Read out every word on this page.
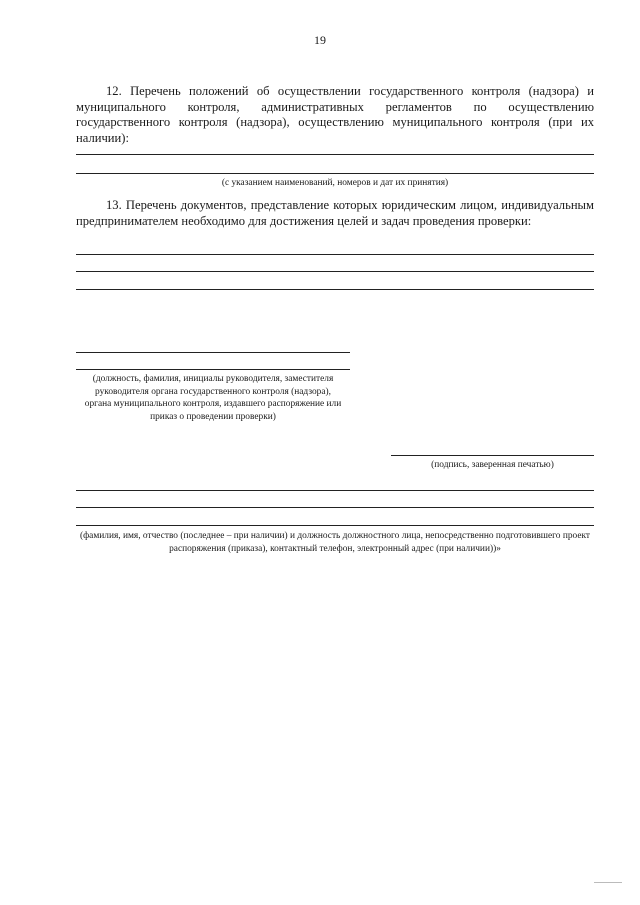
19
12. Перечень положений об осуществлении государственного контроля (надзора) и муниципального контроля, административных регламентов по осуществлению государственного контроля (надзора), осуществлению муниципального контроля (при их наличии):
(с указанием наименований, номеров и дат их принятия)
13. Перечень документов, представление которых юридическим лицом, индивидуальным предпринимателем необходимо для достижения целей и задач проведения проверки:
(должность, фамилия, инициалы руководителя, заместителя руководителя органа государственного контроля (надзора), органа муниципального контроля, издавшего распоряжение или приказ о проведении проверки)
(подпись, заверенная печатью)
(фамилия, имя, отчество (последнее – при наличии) и должность должностного лица, непосредственно подготовившего проект распоряжения (приказа), контактный телефон, электронный адрес (при наличии))»
